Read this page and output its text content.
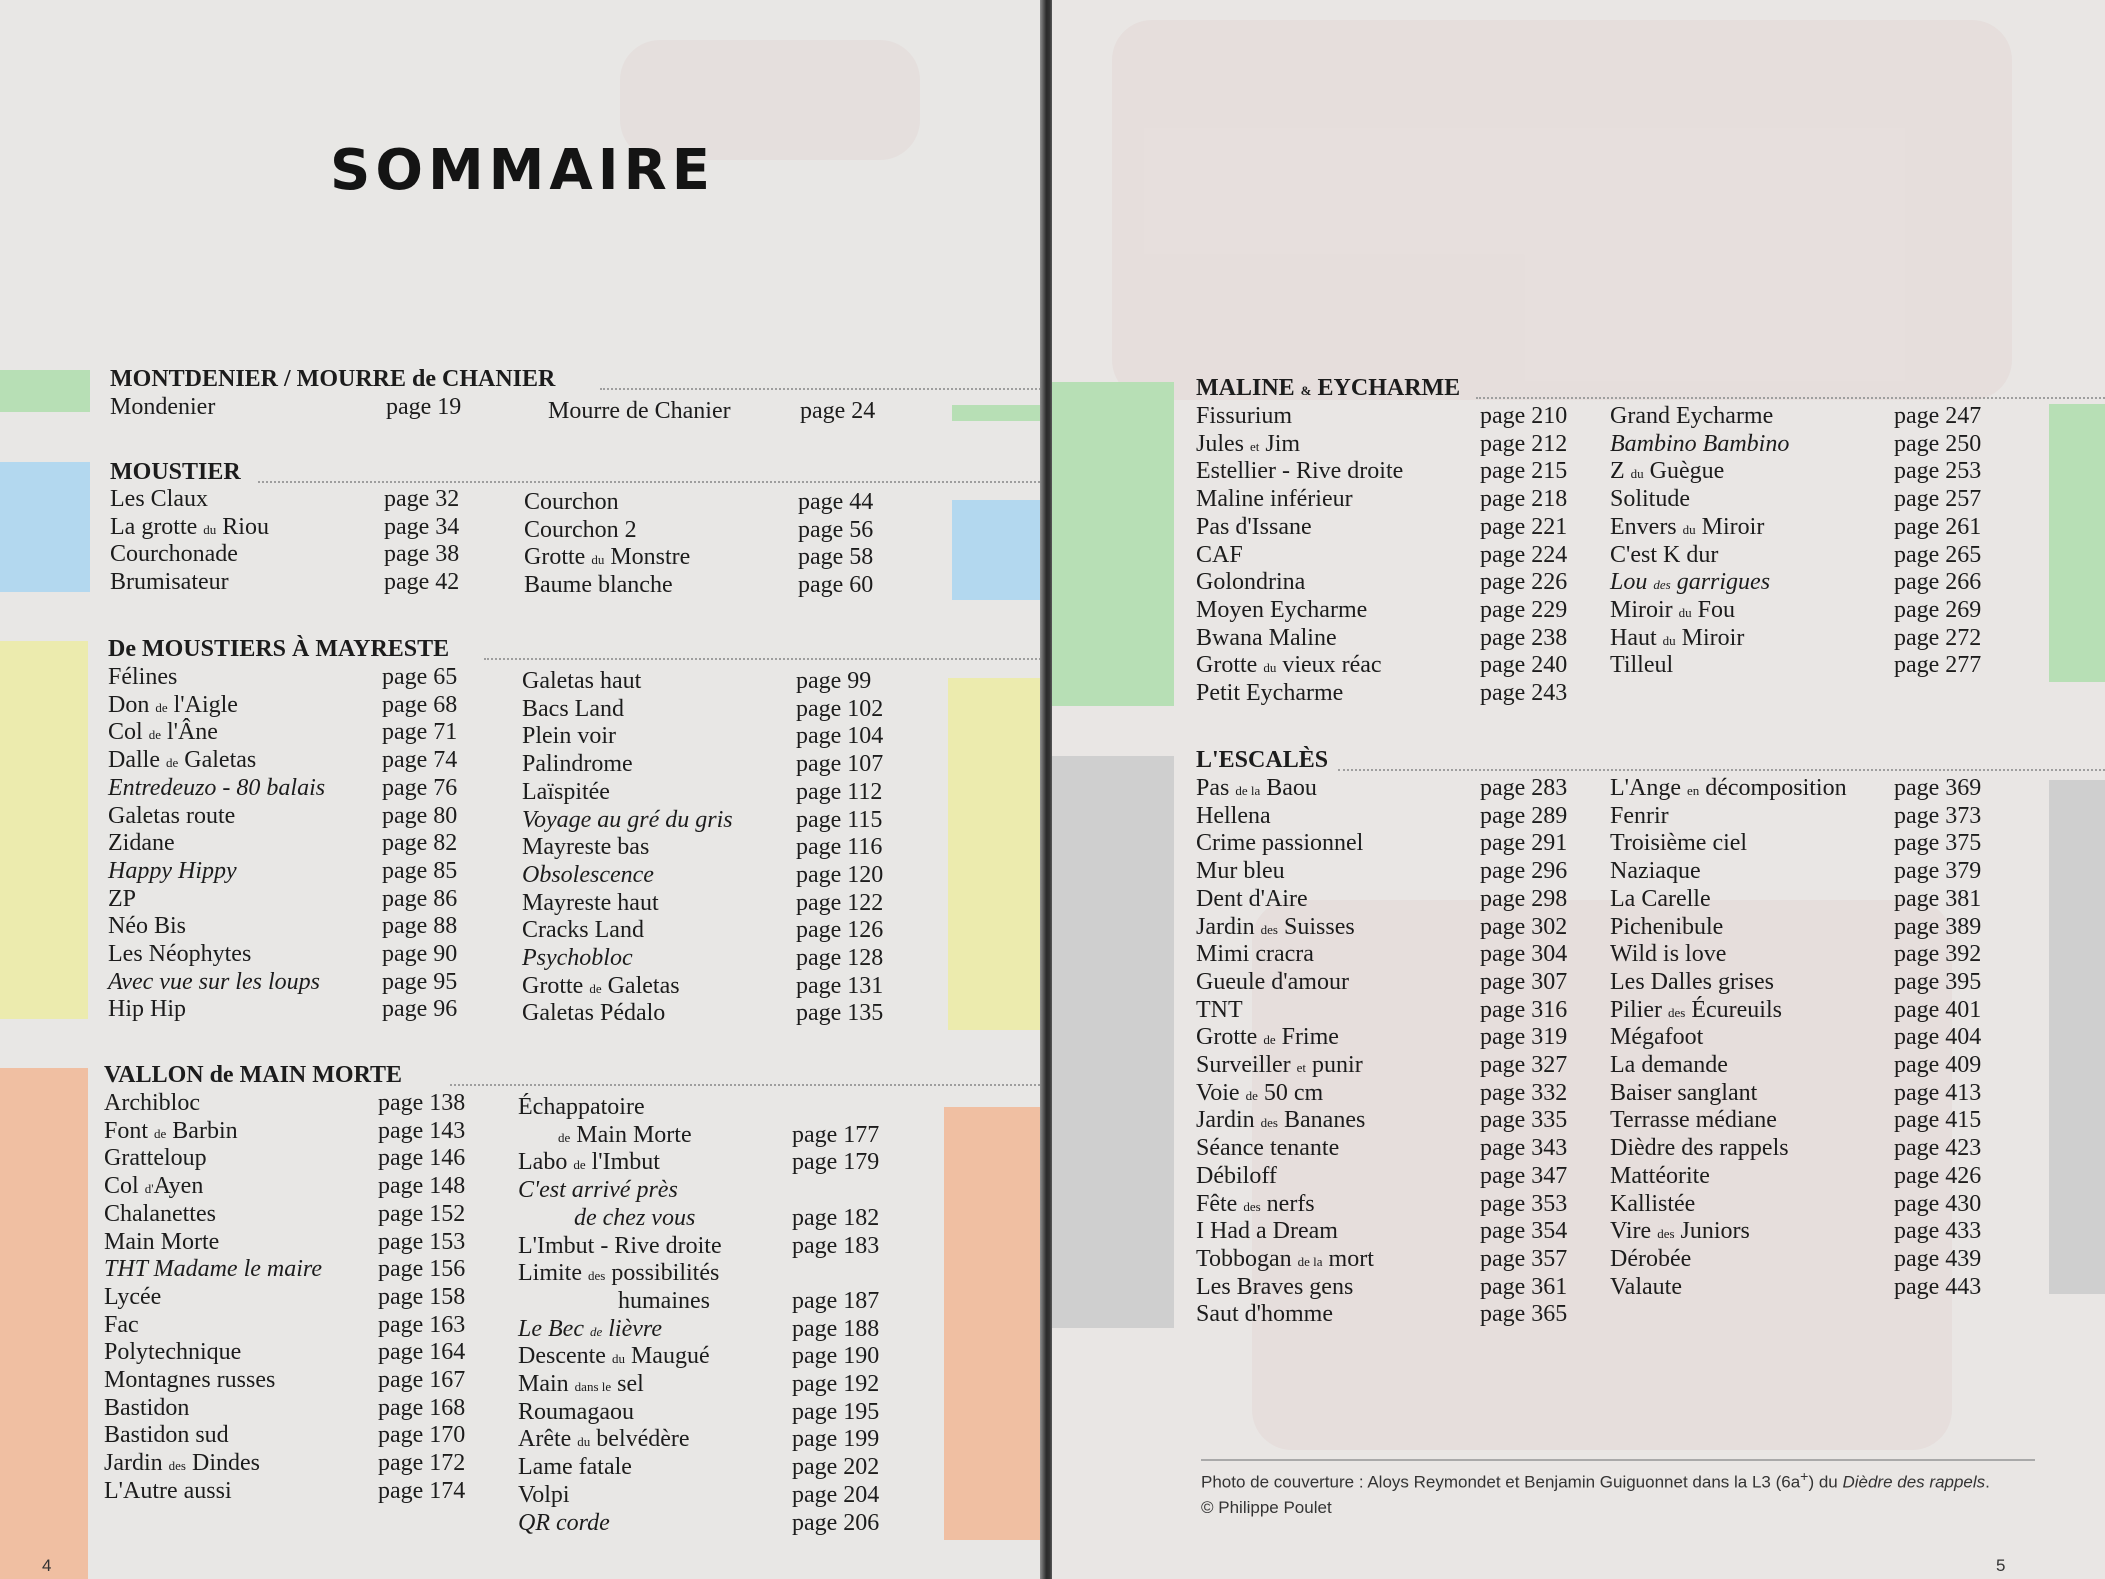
SOMMAIRE
MONTDENIER / MOURRE de CHANIER
Mondenier	page 19	Mourre de Chanier	page 24
MOUSTIER
Les Claux	page 32
La grotte du Riou	page 34
Courchonade	page 38
Brumisateur	page 42
Courchon	page 44
Courchon 2	page 56
Grotte du Monstre	page 58
Baume blanche	page 60
De MOUSTIERS À MAYRESTE
Félines	page 65
Don de l'Aigle	page 68
Col de l'Âne	page 71
Dalle de Galetas	page 74
Entredeuzo - 80 balais page 76
Galetas route	page 80
Zidane	page 82
Happy Hippy	page 85
ZP	page 86
Néo Bis	page 88
Les Néophytes	page 90
Avec vue sur les loups	page 95
Hip Hip	page 96
Galetas haut	page 99
Bacs Land	page 102
Plein voir	page 104
Palindrome	page 107
Laïspitée	page 112
Voyage au gré du gris	page 115
Mayreste bas	page 116
Obsolescence	page 120
Mayreste haut	page 122
Cracks Land	page 126
Psychobloc	page 128
Grotte de Galetas	page 131
Galetas Pédalo	page 135
VALLON de MAIN MORTE
Archibloc	page 138
Font de Barbin	page 143
Gratteloup	page 146
Col d'Ayen	page 148
Chalanettes	page 152
Main Morte	page 153
THT Madame le maire page 156
Lycée	page 158
Fac	page 163
Polytechnique	page 164
Montagnes russes	page 167
Bastidon	page 168
Bastidon sud	page 170
Jardin des Dindes	page 172
L'Autre aussi	page 174
Échappatoire
de Main Morte	page 177
Labo de l'Imbut	page 179
C'est arrivé près
de chez vous	page 182
L'Imbut - Rive droite	page 183
Limite des possibilités
humaines	page 187
Le Bec de lièvre	page 188
Descente du Maugué	page 190
Main dans le sel	page 192
Roumagaou	page 195
Arête du belvédère	page 199
Lame fatale	page 202
Volpi	page 204
QR corde	page 206
4
MALINE & EYCHARME
Fissurium	page 210
Jules et Jim	page 212
Estellier - Rive droite	page 215
Maline inférieur	page 218
Pas d'Issane	page 221
CAF	page 224
Golondrina	page 226
Moyen Eycharme	page 229
Bwana Maline	page 238
Grotte du vieux réac	page 240
Petit Eycharme	page 243
Grand Eycharme	page 247
Bambino Bambino	page 250
Z du Guègue	page 253
Solitude	page 257
Envers du Miroir	page 261
C'est K dur	page 265
Lou des garrigues	page 266
Miroir du Fou	page 269
Haut du Miroir	page 272
Tilleul	page 277
L'ESCALÈS
Pas de la Baou	page 283
Hellena	page 289
Crime passionnel	page 291
Mur bleu	page 296
Dent d'Aire	page 298
Jardin des Suisses	page 302
Mimi cracra	page 304
Gueule d'amour	page 307
TNT	page 316
Grotte de Frime	page 319
Surveiller et punir	page 327
Voie de 50 cm	page 332
Jardin des Bananes	page 335
Séance tenante	page 343
Débiloff	page 347
Fête des nerfs	page 353
I Had a Dream	page 354
Tobbogan de la mort	page 357
Les Braves gens	page 361
Saut d'homme	page 365
L'Ange en décomposition page 369
Fenrir	page 373
Troisième ciel	page 375
Naziaque	page 379
La Carelle	page 381
Pichenibule	page 389
Wild is love	page 392
Les Dalles grises	page 395
Pilier des Écureuils	page 401
Mégafoot	page 404
La demande	page 409
Baiser sanglant	page 413
Terrasse médiane	page 415
Dièdre des rappels	page 423
Mattéorite	page 426
Kallistée	page 430
Vire des Juniors	page 433
Dérobée	page 439
Valaute	page 443
Photo de couverture : Aloys Reymondet et Benjamin Guiguonnet dans la L3 (6a+) du Dièdre des rappels.
© Philippe Poulet
5
